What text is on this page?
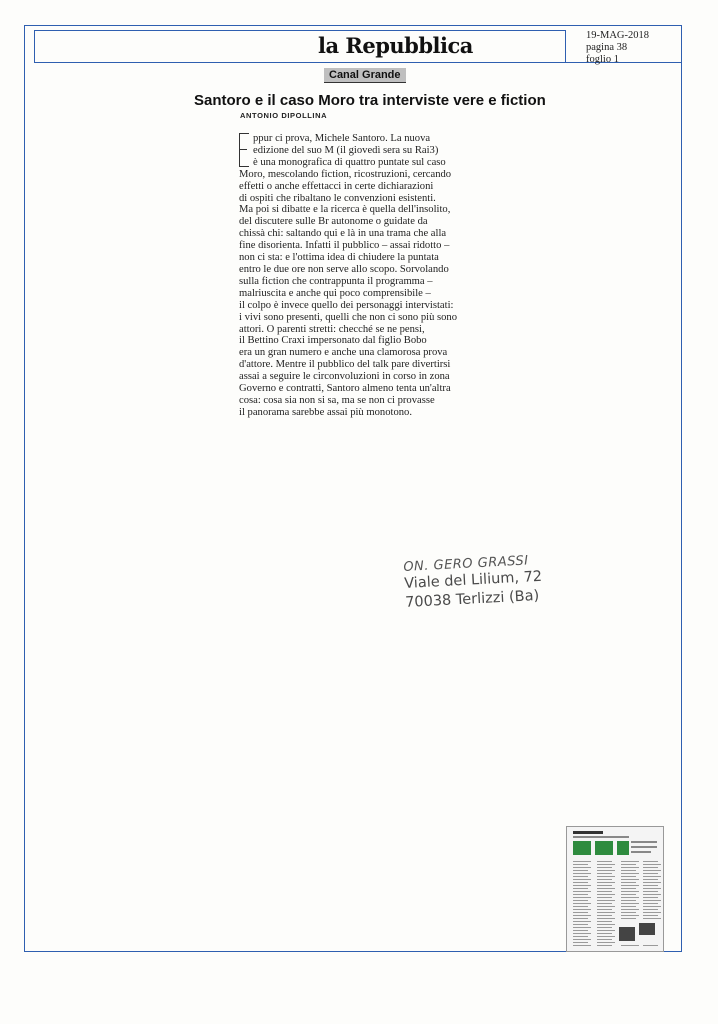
la Repubblica	19-MAG-2018
pagina 38
foglio 1
Canal Grande
Santoro e il caso Moro tra interviste vere e fiction
ANTONIO DIPOLLINA
ppur ci prova, Michele Santoro. La nuova
edizione del suo M (il giovedì sera su Rai3)
è una monografica di quattro puntate sul caso
Moro, mescolando fiction, ricostruzioni, cercando
effetti o anche effettacci in certe dichiarazioni
di ospiti che ribaltano le convenzioni esistenti.
Ma poi si dibatte e la ricerca è quella dell'insolito,
del discutere sulle Br autonome o guidate da
chissà chi: saltando qui e là in una trama che alla
fine disorienta. Infatti il pubblico – assai ridotto –
non ci sta: e l'ottima idea di chiudere la puntata
entro le due ore non serve allo scopo. Sorvolando
sulla fiction che contrappunta il programma –
malriuscita e anche qui poco comprensibile –
il colpo è invece quello dei personaggi intervistati:
i vivi sono presenti, quelli che non ci sono più sono
attori. O parenti stretti: checché se ne pensi,
il Bettino Craxi impersonato dal figlio Bobo
era un gran numero e anche una clamorosa prova
d'attore. Mentre il pubblico del talk pare divertirsi
assai a seguire le circonvoluzioni in corso in zona
Governo e contratti, Santoro almeno tenta un'altra
cosa: cosa sia non si sa, ma se non ci provasse
il panorama sarebbe assai più monotono.
ON. GERO GRASSI
Viale del Lilium, 72
70038 Terlizzi (Ba)
